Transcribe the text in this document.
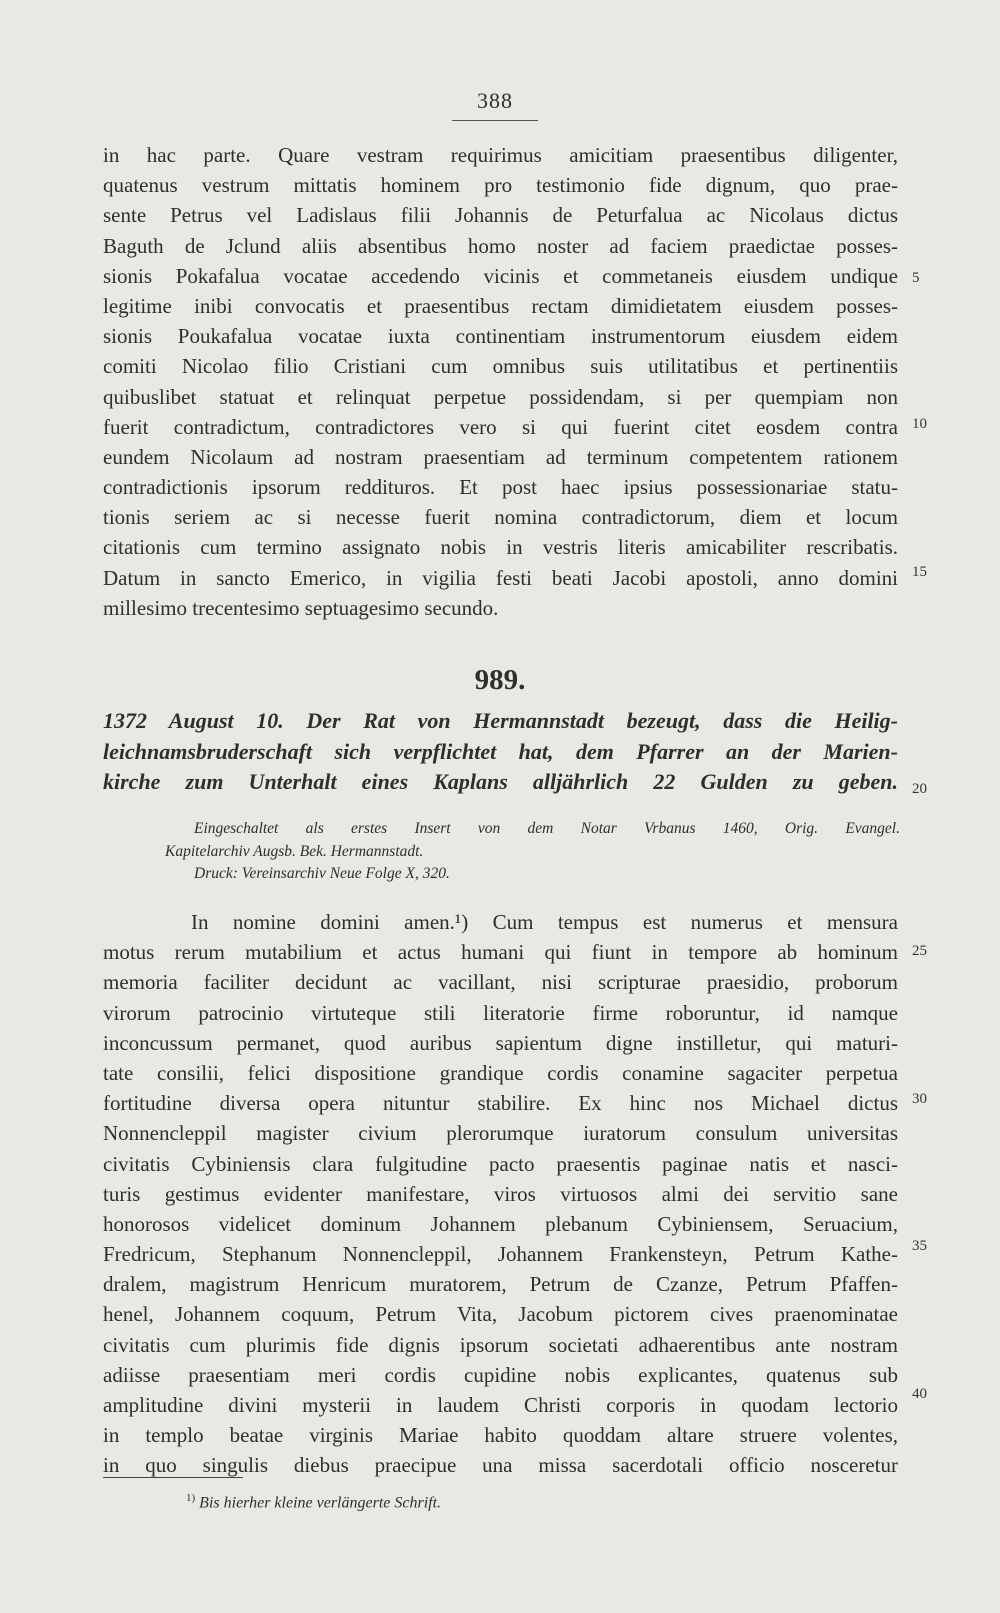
388
in hac parte. Quare vestram requirimus amicitiam praesentibus diligenter,
quatenus vestrum mittatis hominem pro testimonio fide dignum, quo prae-
sente Petrus vel Ladislaus filii Johannis de Peturfalua ac Nicolaus dictus
Baguth de Jclund aliis absentibus homo noster ad faciem praedictae posses-
sionis Pokafalua vocatae accedendo vicinis et commetaneis eiusdem undique
legitime inibi convocatis et praesentibus rectam dimidietatem eiusdem posses-
sionis Poukafalua vocatae iuxta continentiam instrumentorum eiusdem eidem
comiti Nicolao filio Cristiani cum omnibus suis utilitatibus et pertinentiis
quibuslibet statuat et relinquat perpetue possidendam, si per quempiam non
fuerit contradictum, contradictores vero si qui fuerint citet eosdem contra
eundem Nicolaum ad nostram praesentiam ad terminum competentem rationem
contradictionis ipsorum reddituros. Et post haec ipsius possessionariae statu-
tionis seriem ac si necesse fuerit nomina contradictorum, diem et locum
citationis cum termino assignato nobis in vestris literis amicabiliter rescribatis.
Datum in sancto Emerico, in vigilia festi beati Jacobi apostoli, anno domini
millesimo trecentesimo septuagesimo secundo.
989.
1372 August 10. Der Rat von Hermannstadt bezeugt, dass die Heilig-
leichnamsbruderschaft sich verpflichtet hat, dem Pfarrer an der Marien-
kirche zum Unterhalt eines Kaplans alljährlich 22 Gulden zu geben.
Eingeschaltet als erstes Insert von dem Notar Vrbanus 1460, Orig. Evangel.
Kapitelarchiv Augsb. Bek. Hermannstadt.
Druck: Vereinsarchiv Neue Folge X, 320.
In nomine domini amen.¹) Cum tempus est numerus et mensura
motus rerum mutabilium et actus humani qui fiunt in tempore ab hominum
memoria faciliter decidunt ac vacillant, nisi scripturae praesidio, proborum
virorum patrocinio virtuteque stili literatorie firme roboruntur, id namque
inconcussum permanet, quod auribus sapientum digne instilletur, qui maturi-
tate consilii, felici dispositione grandique cordis conamine sagaciter perpetua
fortitudine diversa opera nituntur stabilire. Ex hinc nos Michael dictus
Nonnencleppil magister civium plerorumque iuratorum consulum universitas
civitatis Cybiniensis clara fulgitudine pacto praesentis paginae natis et nasci-
turis gestimus evidenter manifestare, viros virtuosos almi dei servitio sane
honorosos videlicet dominum Johannem plebanum Cybiniensem, Seruacium,
Fredricum, Stephanum Nonnencleppil, Johannem Frankensteyn, Petrum Kathe-
dralem, magistrum Henricum muratorem, Petrum de Czanze, Petrum Pfaffen-
henel, Johannem coquum, Petrum Vita, Jacobum pictorem cives praenominatae
civitatis cum plurimis fide dignis ipsorum societati adhaerentibus ante nostram
adiisse praesentiam meri cordis cupidine nobis explicantes, quatenus sub
amplitudine divini mysterii in laudem Christi corporis in quodam lectorio
in templo beatae virginis Mariae habito quoddam altare struere volentes,
in quo singulis diebus praecipue una missa sacerdotali officio nosceretur
5
10
15
20
25
30
35
40
$^{1)}$ Bis hierher kleine verlängerte Schrift.
